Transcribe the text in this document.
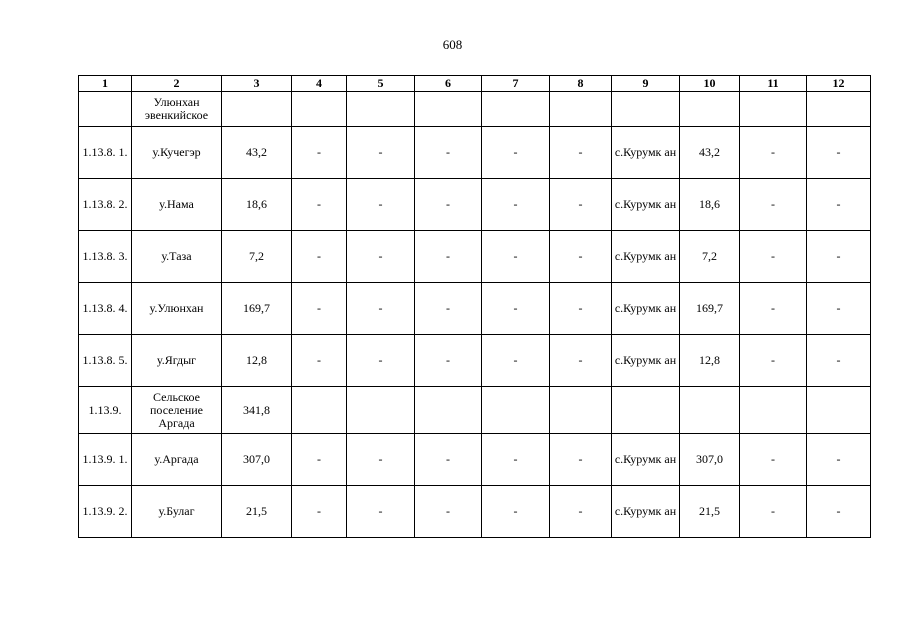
608
1	2	3	4	5	6	7	8	9	10	11	12
	Улюнхан эвенкийское										
1.13.8. 1.	у.Кучегэр	43,2	-	-	-	-	-	с.Курумк ан	43,2	-	-
1.13.8. 2.	у.Нама	18,6	-	-	-	-	-	с.Курумк ан	18,6	-	-
1.13.8. 3.	у.Таза	7,2	-	-	-	-	-	с.Курумк ан	7,2	-	-
1.13.8. 4.	у.Улюнхан	169,7	-	-	-	-	-	с.Курумк ан	169,7	-	-
1.13.8. 5.	у.Ягдыг	12,8	-	-	-	-	-	с.Курумк ан	12,8	-	-
1.13.9.	Сельское поселение Аргада	341,8									
1.13.9. 1.	у.Аргада	307,0	-	-	-	-	-	с.Курумк ан	307,0	-	-
1.13.9. 2.	у.Булаг	21,5	-	-	-	-	-	с.Курумк ан	21,5	-	-
